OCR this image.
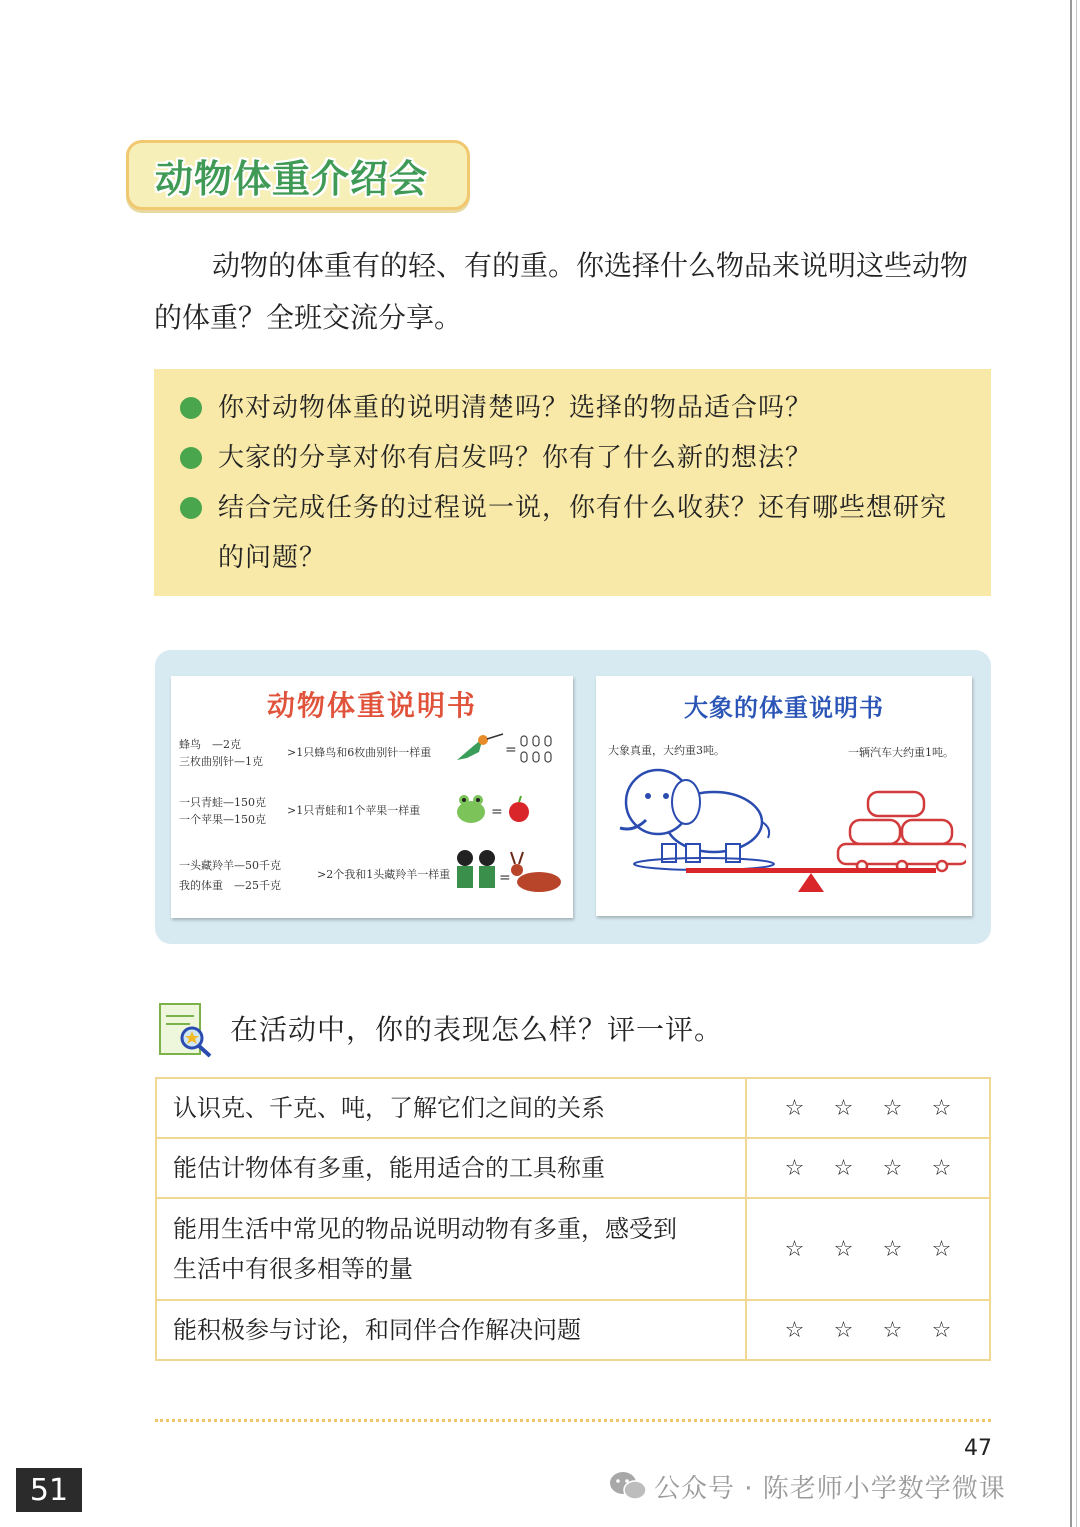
动物体重介绍会

动物的体重有的轻、有的重。你选择什么物品来说明这些动物的体重？全班交流分享。

你对动物体重的说明清楚吗？选择的物品适合吗？
大家的分享对你有启发吗？你有了什么新的想法？
结合完成任务的过程说一说，你有什么收获？还有哪些想研究的问题？
动物体重说明书
蜂鸟　—2克
三枚曲别针—1克
>1只蜂鸟和6枚曲别针一样重	=
一只青蛙—150克
一个苹果—150克
>1只青蛙和1个苹果一样重	=
一头藏羚羊—50千克
我的体重　—25千克
>2个我和1头藏羚羊一样重	=
大象的体重说明书
大象真重，大约重3吨。	一辆汽车大约重1吨。
在活动中，你的表现怎么样？评一评。
认识克、千克、吨，了解它们之间的关系	☆ ☆ ☆ ☆
能估计物体有多重，能用适合的工具称重	☆ ☆ ☆ ☆

能用生活中常见的物品说明动物有多重，感受到生活中有很多相等的量	☆ ☆ ☆ ☆
能积极参与讨论，和同伴合作解决问题	☆ ☆ ☆ ☆
47
51	公众号 · 陈老师小学数学微课
